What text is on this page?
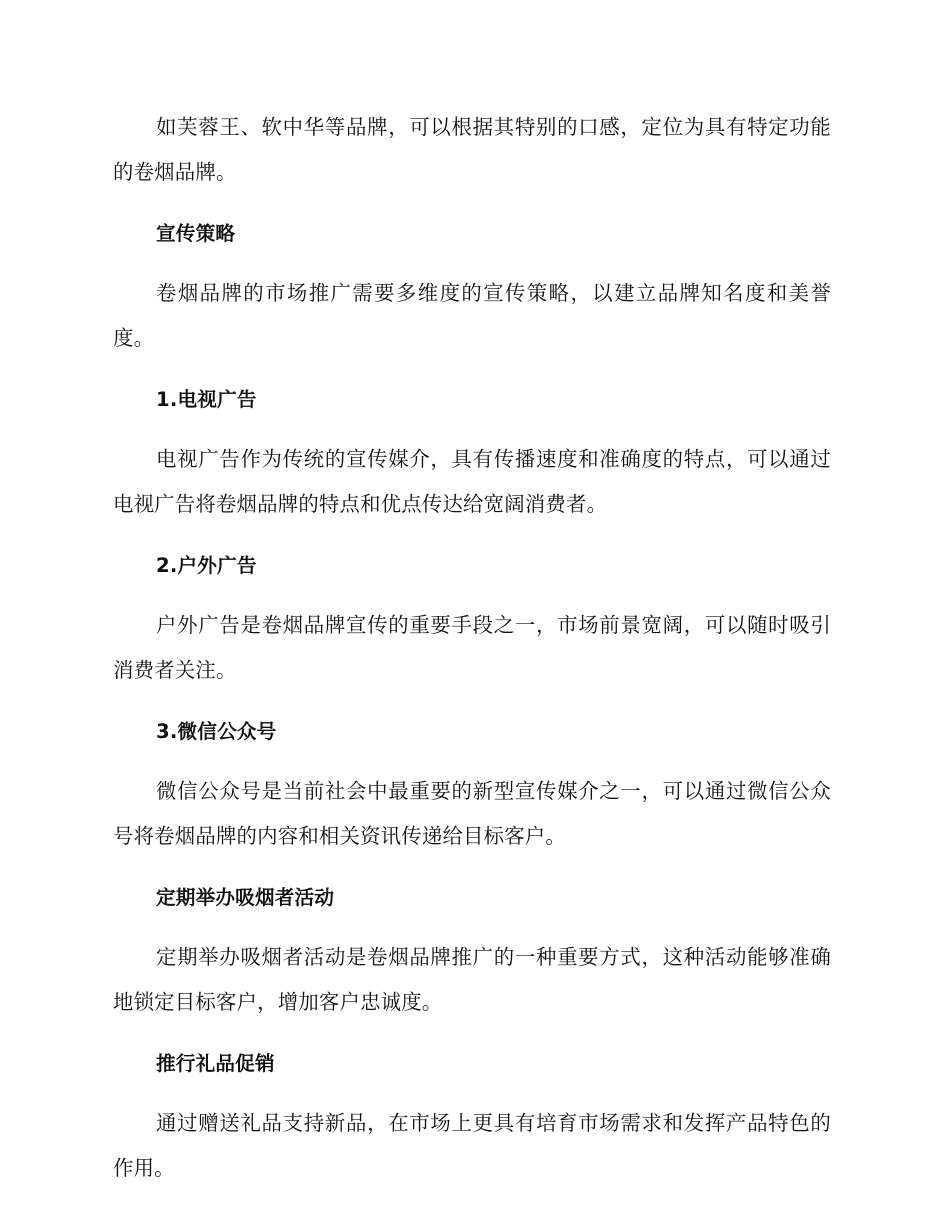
如芙蓉王、软中华等品牌，可以根据其特别的口感，定位为具有特定功能的卷烟品牌。

宣传策略

卷烟品牌的市场推广需要多维度的宣传策略，以建立品牌知名度和美誉度。

1.电视广告

电视广告作为传统的宣传媒介，具有传播速度和准确度的特点，可以通过电视广告将卷烟品牌的特点和优点传达给宽阔消费者。

2.户外广告

户外广告是卷烟品牌宣传的重要手段之一，市场前景宽阔，可以随时吸引消费者关注。

3.微信公众号

微信公众号是当前社会中最重要的新型宣传媒介之一，可以通过微信公众号将卷烟品牌的内容和相关资讯传递给目标客户。

定期举办吸烟者活动

定期举办吸烟者活动是卷烟品牌推广的一种重要方式，这种活动能够准确地锁定目标客户，增加客户忠诚度。

推行礼品促销

通过赠送礼品支持新品，在市场上更具有培育市场需求和发挥产品特色的作用。
